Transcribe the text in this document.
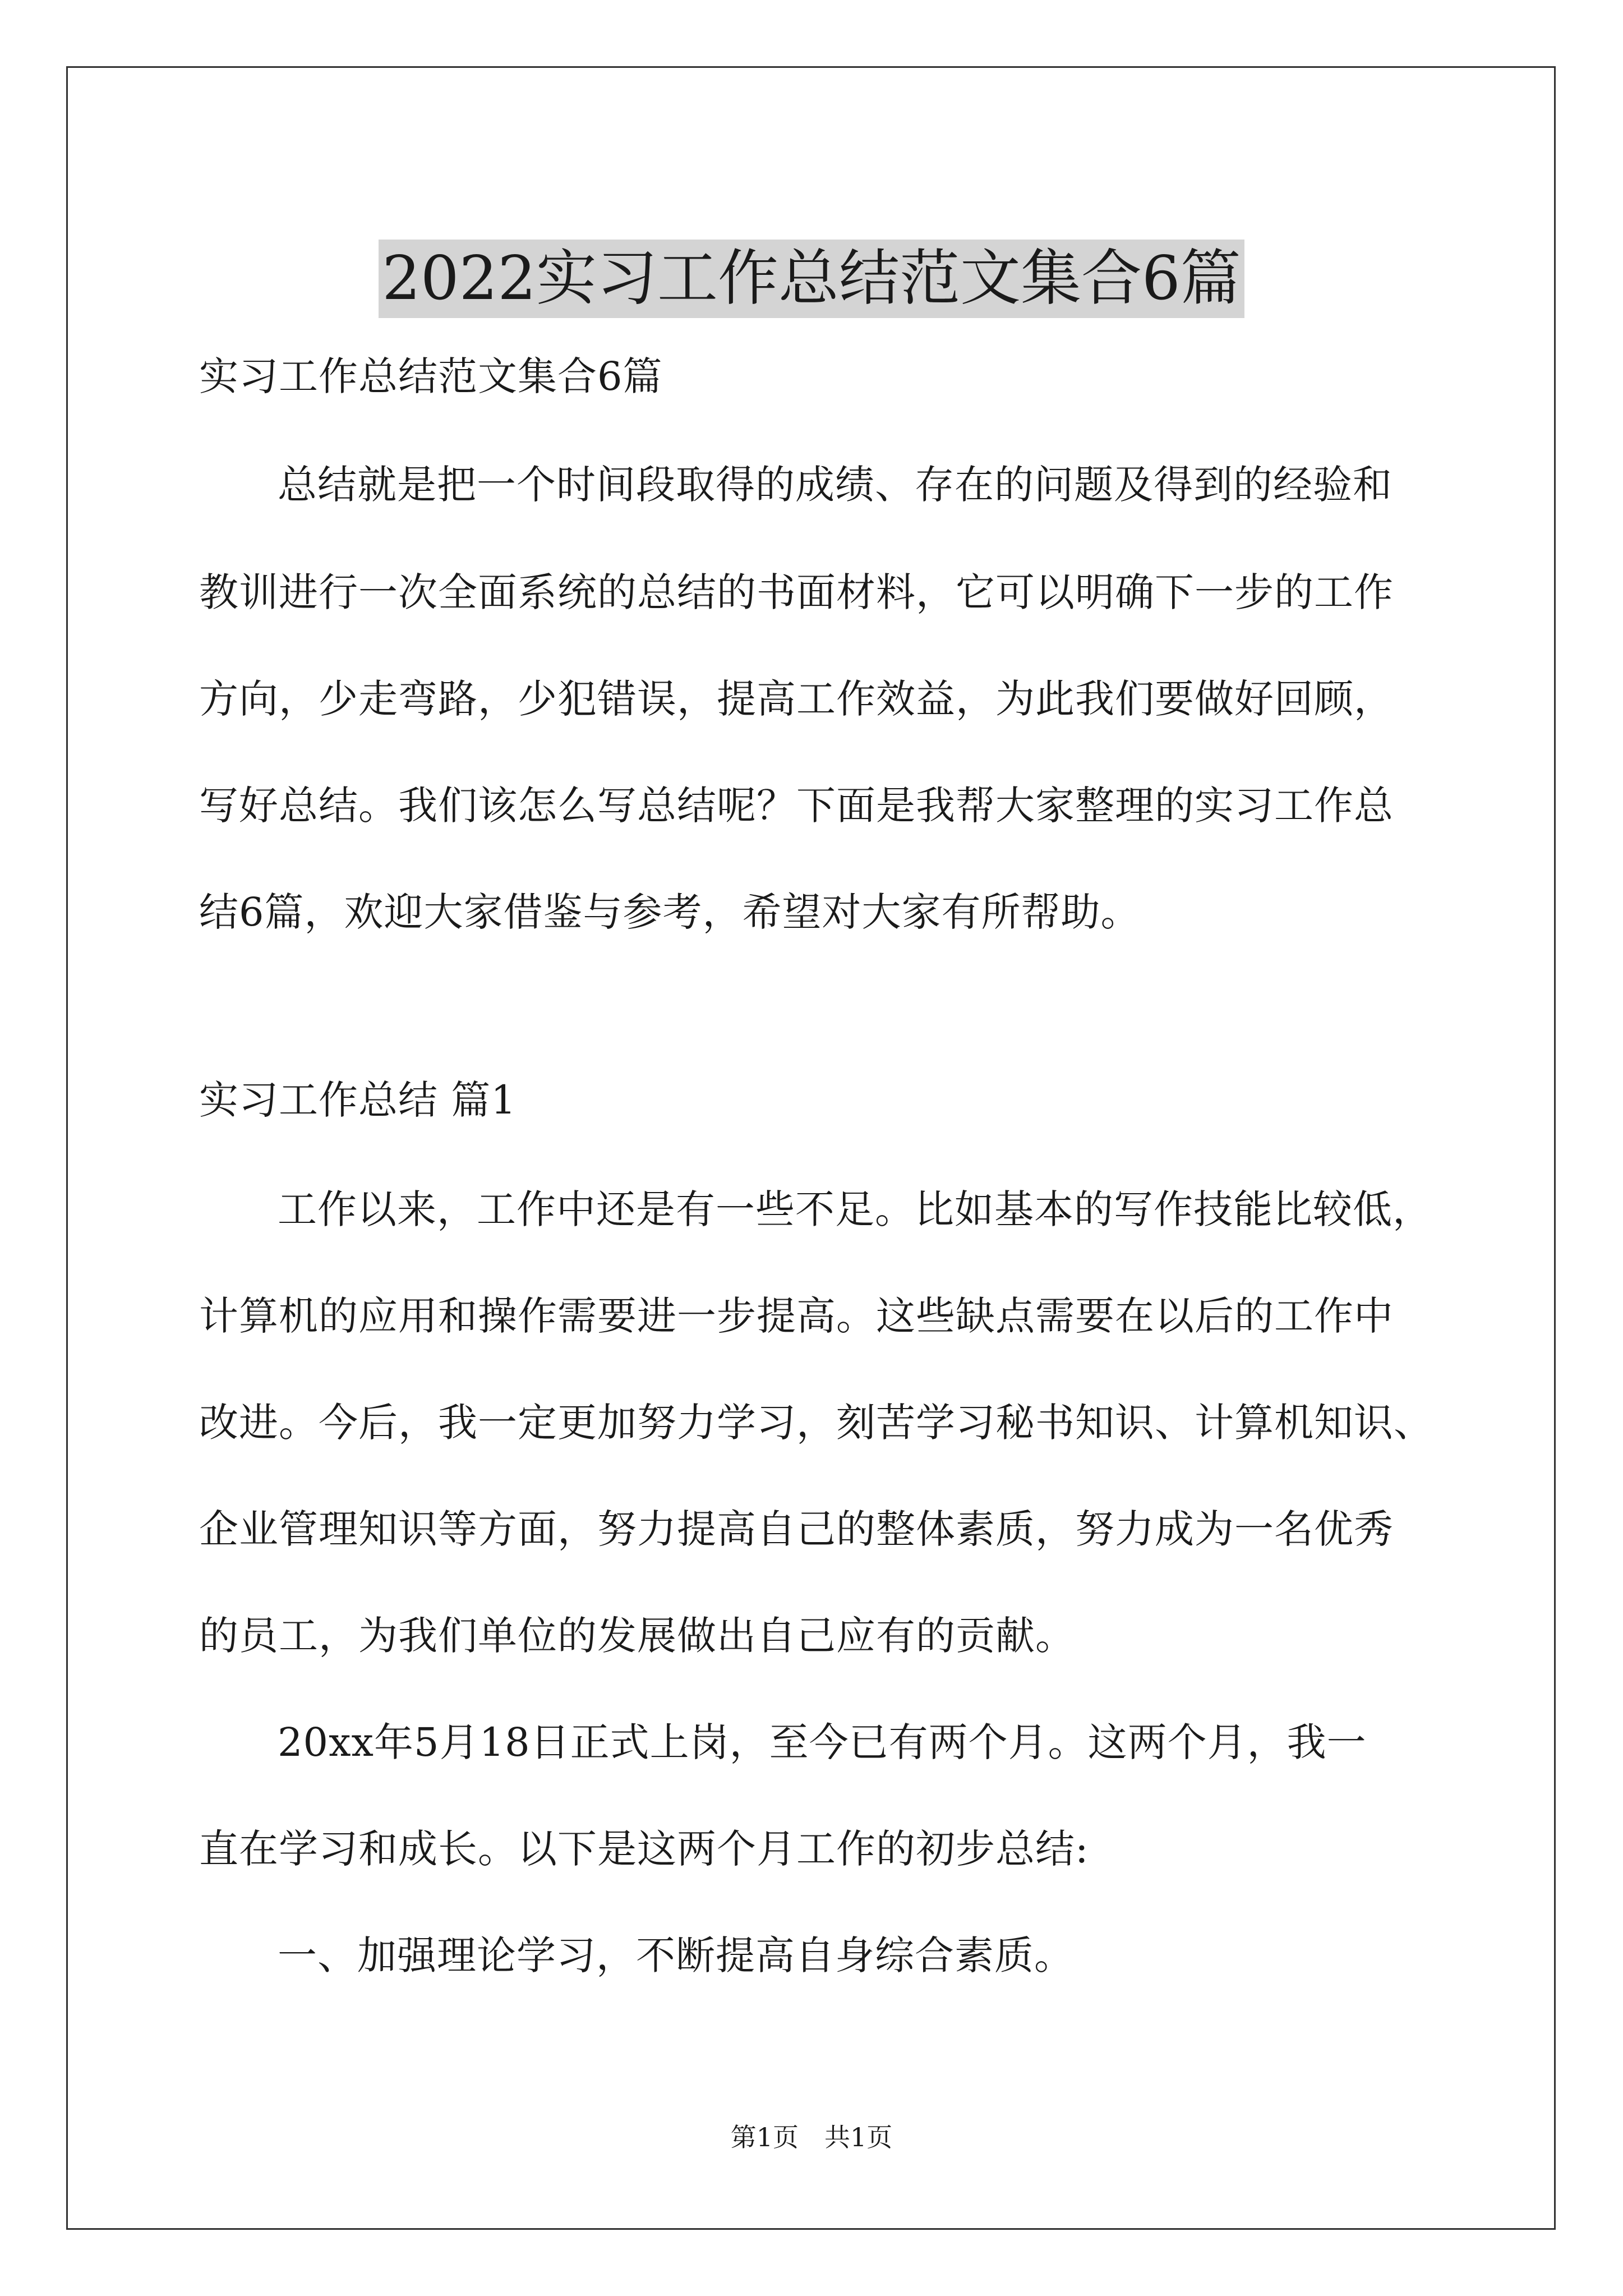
2022实习工作总结范文集合6篇
实习工作总结范文集合6篇
总结就是把一个时间段取得的成绩、存在的问题及得到的经验和
教训进行一次全面系统的总结的书面材料，它可以明确下一步的工作
方向，少走弯路，少犯错误，提高工作效益，为此我们要做好回顾，
写好总结。我们该怎么写总结呢？下面是我帮大家整理的实习工作总
结6篇，欢迎大家借鉴与参考，希望对大家有所帮助。
实习工作总结 篇1
工作以来，工作中还是有一些不足。比如基本的写作技能比较低，
计算机的应用和操作需要进一步提高。这些缺点需要在以后的工作中
改进。今后，我一定更加努力学习，刻苦学习秘书知识、计算机知识、
企业管理知识等方面，努力提高自己的整体素质，努力成为一名优秀
的员工，为我们单位的发展做出自己应有的贡献。
20xx年5月18日正式上岗，至今已有两个月。这两个月，我一
直在学习和成长。以下是这两个月工作的初步总结:
一、加强理论学习，不断提高自身综合素质。
第1页　共1页
